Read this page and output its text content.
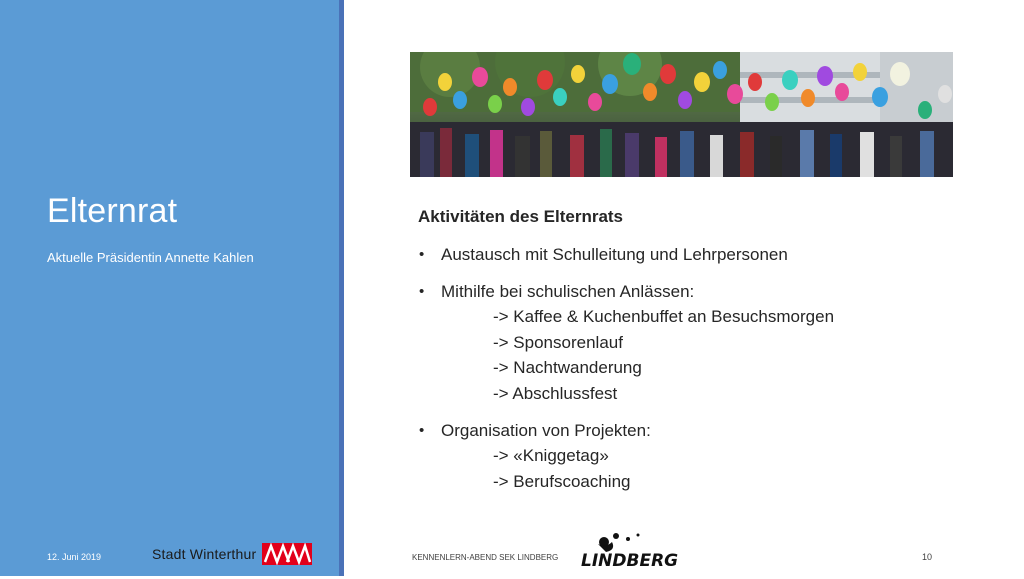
Elternrat
Aktuelle Präsidentin Annette Kahlen
Aktivitäten des Elternrats
• Austausch mit Schulleitung und Lehrpersonen
• Mithilfe bei schulischen Anlässen:
-> Kaffee & Kuchenbuffet an Besuchsmorgen
-> Sponsorenlauf
-> Nachtwanderung
-> Abschlussfest
• Organisation von Projekten:
-> «Kniggetag»
-> Berufscoaching
12. Juni 2019	Stadt Winterthur	KENNENLERN-ABEND SEK LINDBERG LINDBERG	10
